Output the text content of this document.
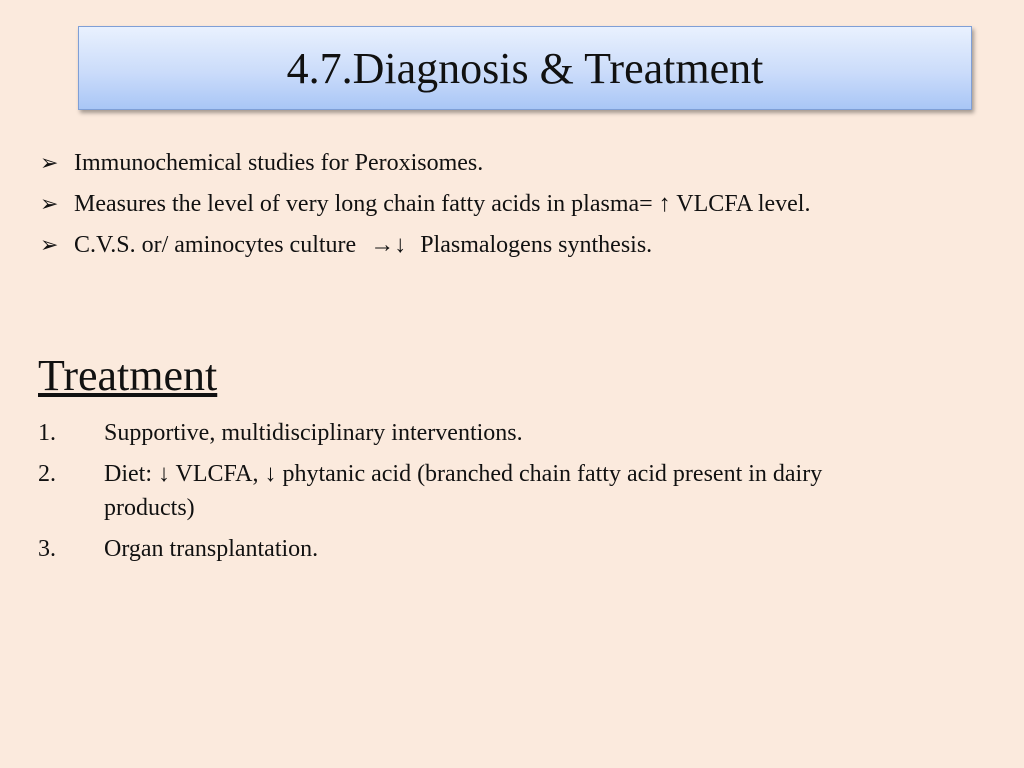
4.7.Diagnosis & Treatment
➢ Immunochemical studies for Peroxisomes.
➢ Measures the level of very long chain fatty acids in plasma= ↑ VLCFA level.
➢ C.V.S. or/ aminocytes culture →↓ Plasmalogens synthesis.
Treatment
1. Supportive, multidisciplinary interventions.
2. Diet: ↓ VLCFA, ↓ phytanic acid (branched chain fatty acid present in dairy products)
3. Organ transplantation.
